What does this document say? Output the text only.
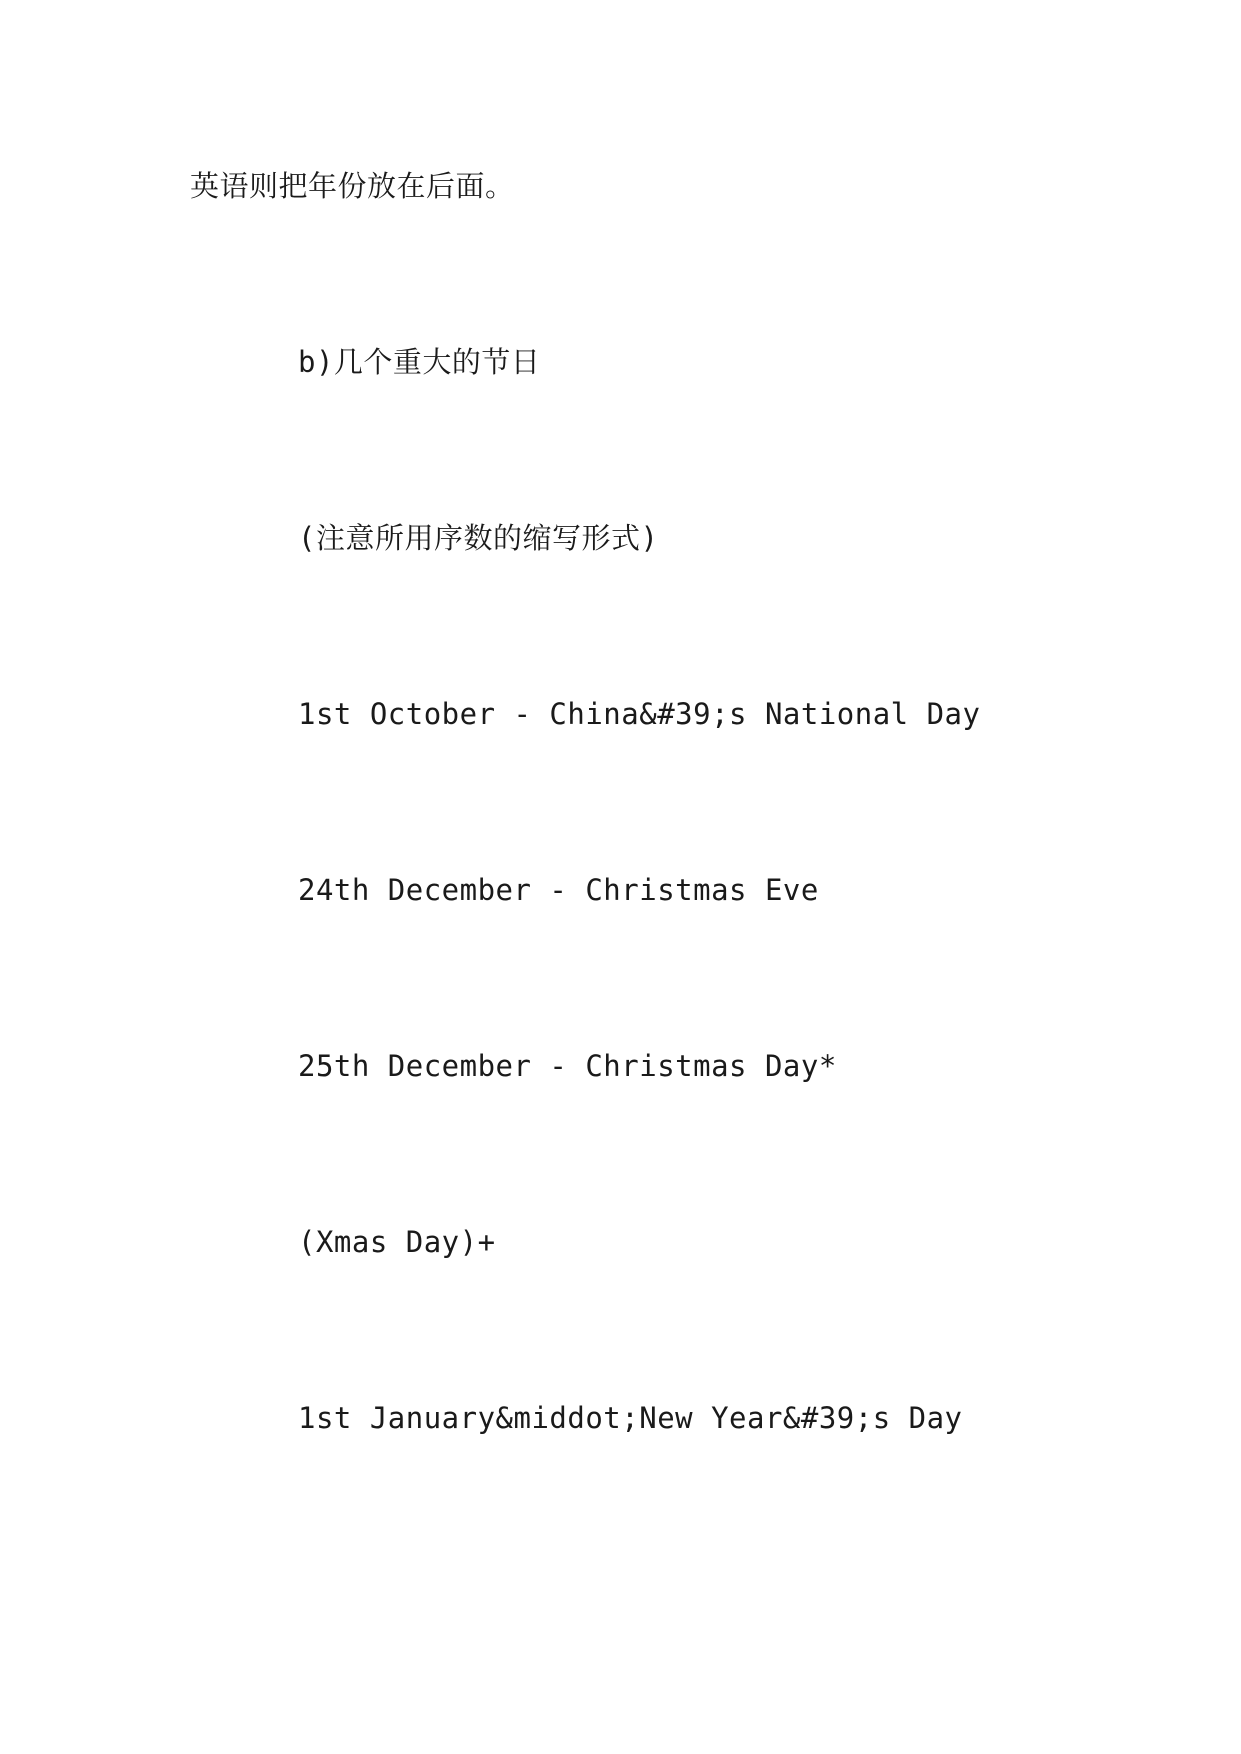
英语则把年份放在后面。
b)几个重大的节日
(注意所用序数的缩写形式)
1st October - China&#39;s National Day
24th December - Christmas Eve
25th December - Christmas Day*
(Xmas Day)+
1st January&middot;New Year&#39;s Day
